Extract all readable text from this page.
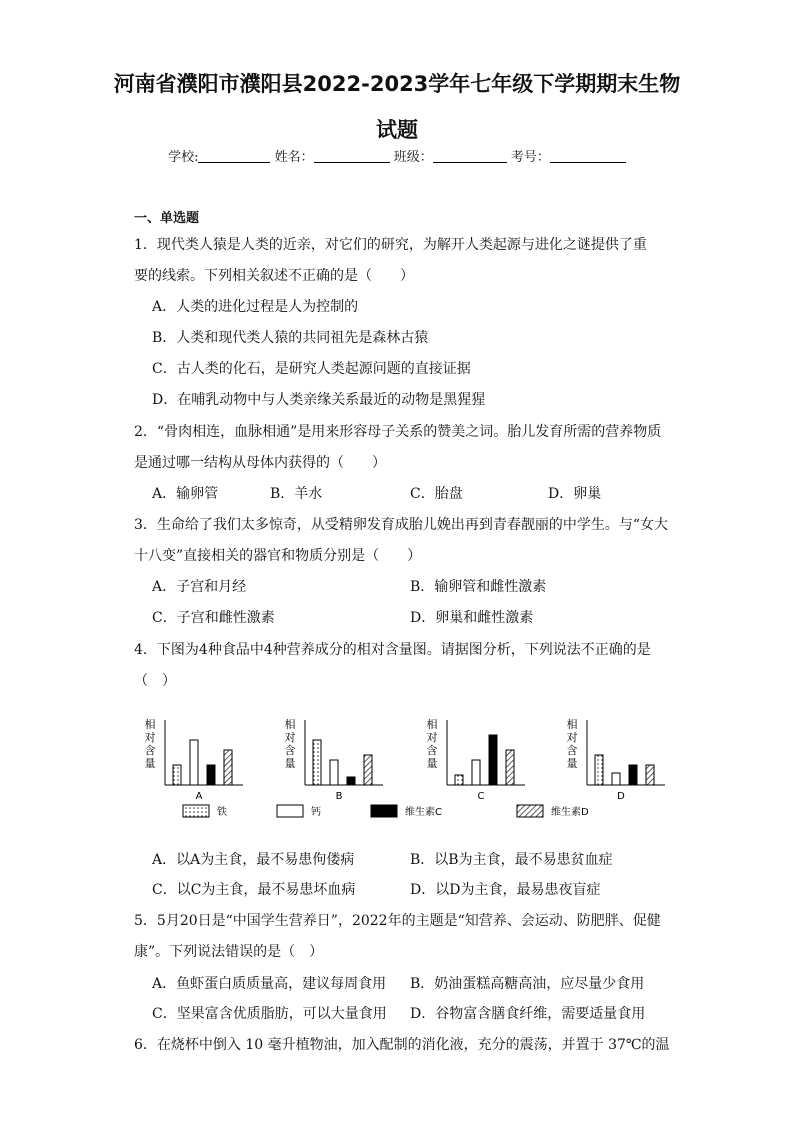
河南省濮阳市濮阳县2022-2023学年七年级下学期期末生物
试题
学校:	姓名：	班级：	考号：
一、单选题
1．现代类人猿是人类的近亲，对它们的研究，为解开人类起源与进化之谜提供了重
要的线索。下列相关叙述不正确的是（　　）
A．人类的进化过程是人为控制的
B．人类和现代类人猿的共同祖先是森林古猿
C．古人类的化石，是研究人类起源问题的直接证据
D．在哺乳动物中与人类亲缘关系最近的动物是黑猩猩
2．“骨肉相连，血脉相通”是用来形容母子关系的赞美之词。胎儿发育所需的营养物质
是通过哪一结构从母体内获得的（　　）
A．输卵管	B．羊水	C．胎盘	D．卵巢
3．生命给了我们太多惊奇，从受精卵发育成胎儿娩出再到青春靓丽的中学生。与“女大
十八变”直接相关的器官和物质分别是（　　）
A．子宫和月经	B．输卵管和雌性激素
C．子宫和雌性激素	D．卵巢和雌性激素
4．下图为4种食品中4种营养成分的相对含量图。请据图分析，下列说法不正确的是
（　）
相
对
含
量
A
相
对
含
量
B
相
对
含
量
C
相
对
含
量
D
铁	钙	维生素C	维生素D
A．以A为主食，最不易患佝偻病	B．以B为主食，最不易患贫血症
C．以C为主食，最不易患坏血病	D．以D为主食，最易患夜盲症
5．5月20日是“中国学生营养日”，2022年的主题是“知营养、会运动、防肥胖、促健
康”。下列说法错误的是（　）
A．鱼虾蛋白质质量高，建议每周食用 B．奶油蛋糕高糖高油，应尽量少食用
C．坚果富含优质脂肪，可以大量食用 D．谷物富含膳食纤维，需要适量食用
6．在烧杯中倒入 10 毫升植物油，加入配制的消化液，充分的震荡，并置于 37℃的温
